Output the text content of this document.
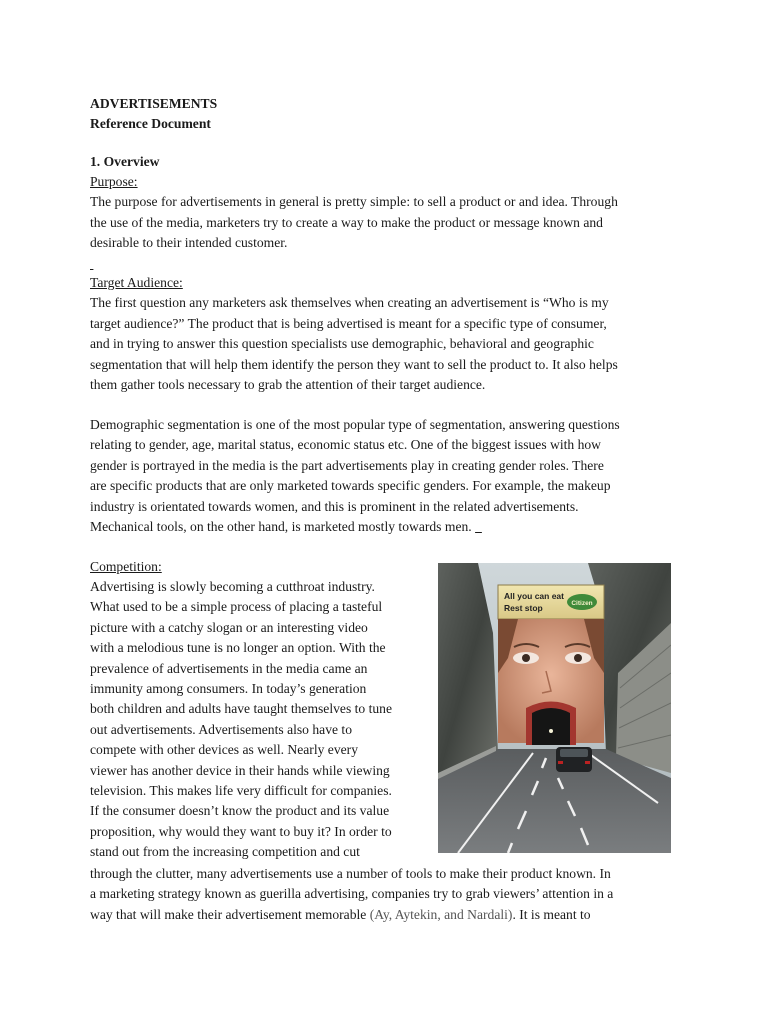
ADVERTISEMENTS
Reference Document
1. Overview
Purpose:
The purpose for advertisements in general is pretty simple: to sell a product or and idea. Through
the use of the media, marketers try to create a way to make the product or message known and
desirable to their intended customer.

Target Audience:
The first question any marketers ask themselves when creating an advertisement is “Who is my
target audience?” The product that is being advertised is meant for a specific type of consumer,
and in trying to answer this question specialists use demographic, behavioral and geographic
segmentation that will help them identify the person they want to sell the product to. It also helps
them gather tools necessary to grab the attention of their target audience.
Demographic segmentation is one of the most popular type of segmentation, answering questions
relating to gender, age, marital status, economic status etc. One of the biggest issues with how
gender is portrayed in the media is the part advertisements play in creating gender roles. There
are specific products that are only marketed towards specific genders. For example, the makeup
industry is orientated towards women, and this is prominent in the related advertisements.
Mechanical tools, on the other hand, is marketed mostly towards men.
Competition:
Advertising is slowly becoming a cutthroat industry.
What used to be a simple process of placing a tasteful
picture with a catchy slogan or an interesting video
with a melodious tune is no longer an option. With the
prevalence of advertisements in the media came an
immunity among consumers. In today’s generation
both children and adults have taught themselves to tune
out advertisements. Advertisements also have to
compete with other devices as well. Nearly every
viewer has another device in their hands while viewing
television. This makes life very difficult for companies.
If the consumer doesn’t know the product and its value
proposition, why would they want to buy it? In order to
stand out from the increasing competition and cut
through the clutter, many advertisements use a number of tools to make their product known. In
a marketing strategy known as guerilla advertising, companies try to grab viewers’ attention in a
way that will make their advertisement memorable (Ay, Aytekin, and Nardali). It is meant to
All you can eat
Rest stop	Citizen
